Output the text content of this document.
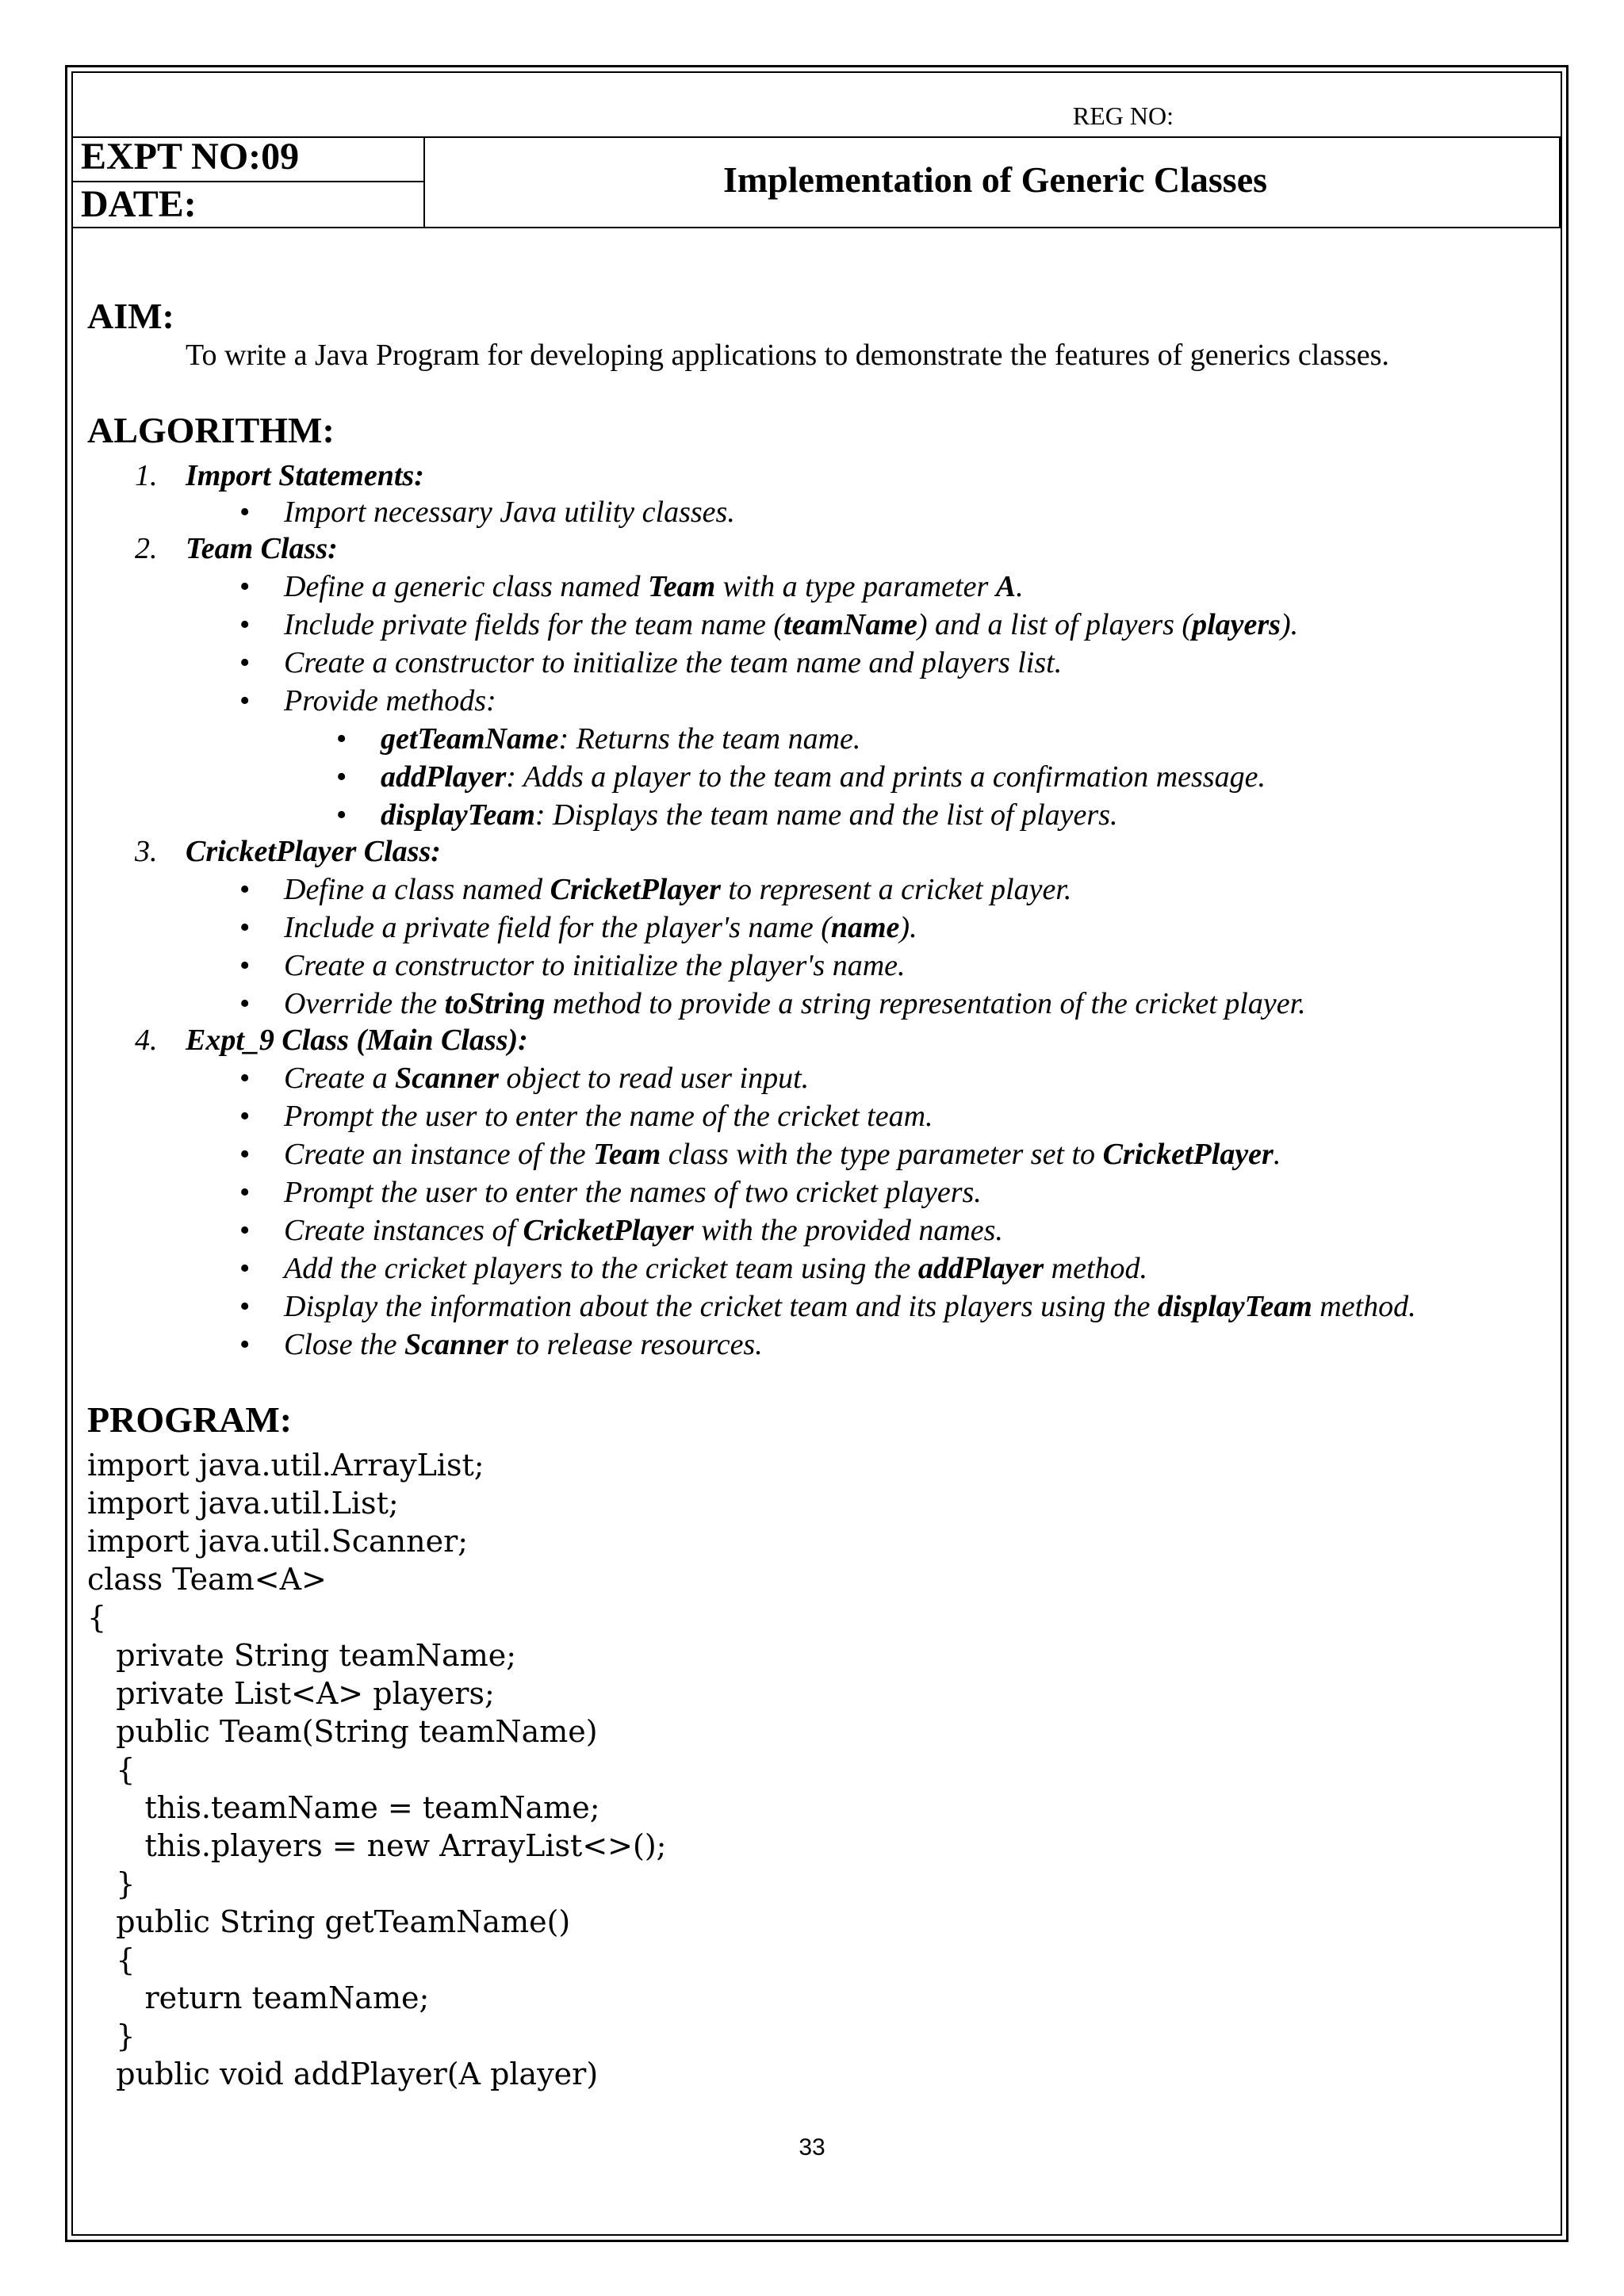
REG NO:
EXPT NO:09
DATE:
Implementation of Generic Classes
AIM:
To write a Java Program for developing applications to demonstrate the features of generics classes.
ALGORITHM:
1. Import Statements:
• Import necessary Java utility classes.
2. Team Class:
• Define a generic class named Team with a type parameter A.
• Include private fields for the team name (teamName) and a list of players (players).
• Create a constructor to initialize the team name and players list.
• Provide methods:
• getTeamName: Returns the team name.
• addPlayer: Adds a player to the team and prints a confirmation message.
• displayTeam: Displays the team name and the list of players.
3. CricketPlayer Class:
• Define a class named CricketPlayer to represent a cricket player.
• Include a private field for the player's name (name).
• Create a constructor to initialize the player's name.
• Override the toString method to provide a string representation of the cricket player.
4. Expt_9 Class (Main Class):
• Create a Scanner object to read user input.
• Prompt the user to enter the name of the cricket team.
• Create an instance of the Team class with the type parameter set to CricketPlayer.
• Prompt the user to enter the names of two cricket players.
• Create instances of CricketPlayer with the provided names.
• Add the cricket players to the cricket team using the addPlayer method.
• Display the information about the cricket team and its players using the displayTeam method.
• Close the Scanner to release resources.
PROGRAM:
import java.util.ArrayList;
import java.util.List;
import java.util.Scanner;
class Team<A>
{
private String teamName;
private List<A> players;
public Team(String teamName)
{
this.teamName = teamName;
this.players = new ArrayList<>();
}
public String getTeamName()
{
return teamName;
}
public void addPlayer(A player)
33
